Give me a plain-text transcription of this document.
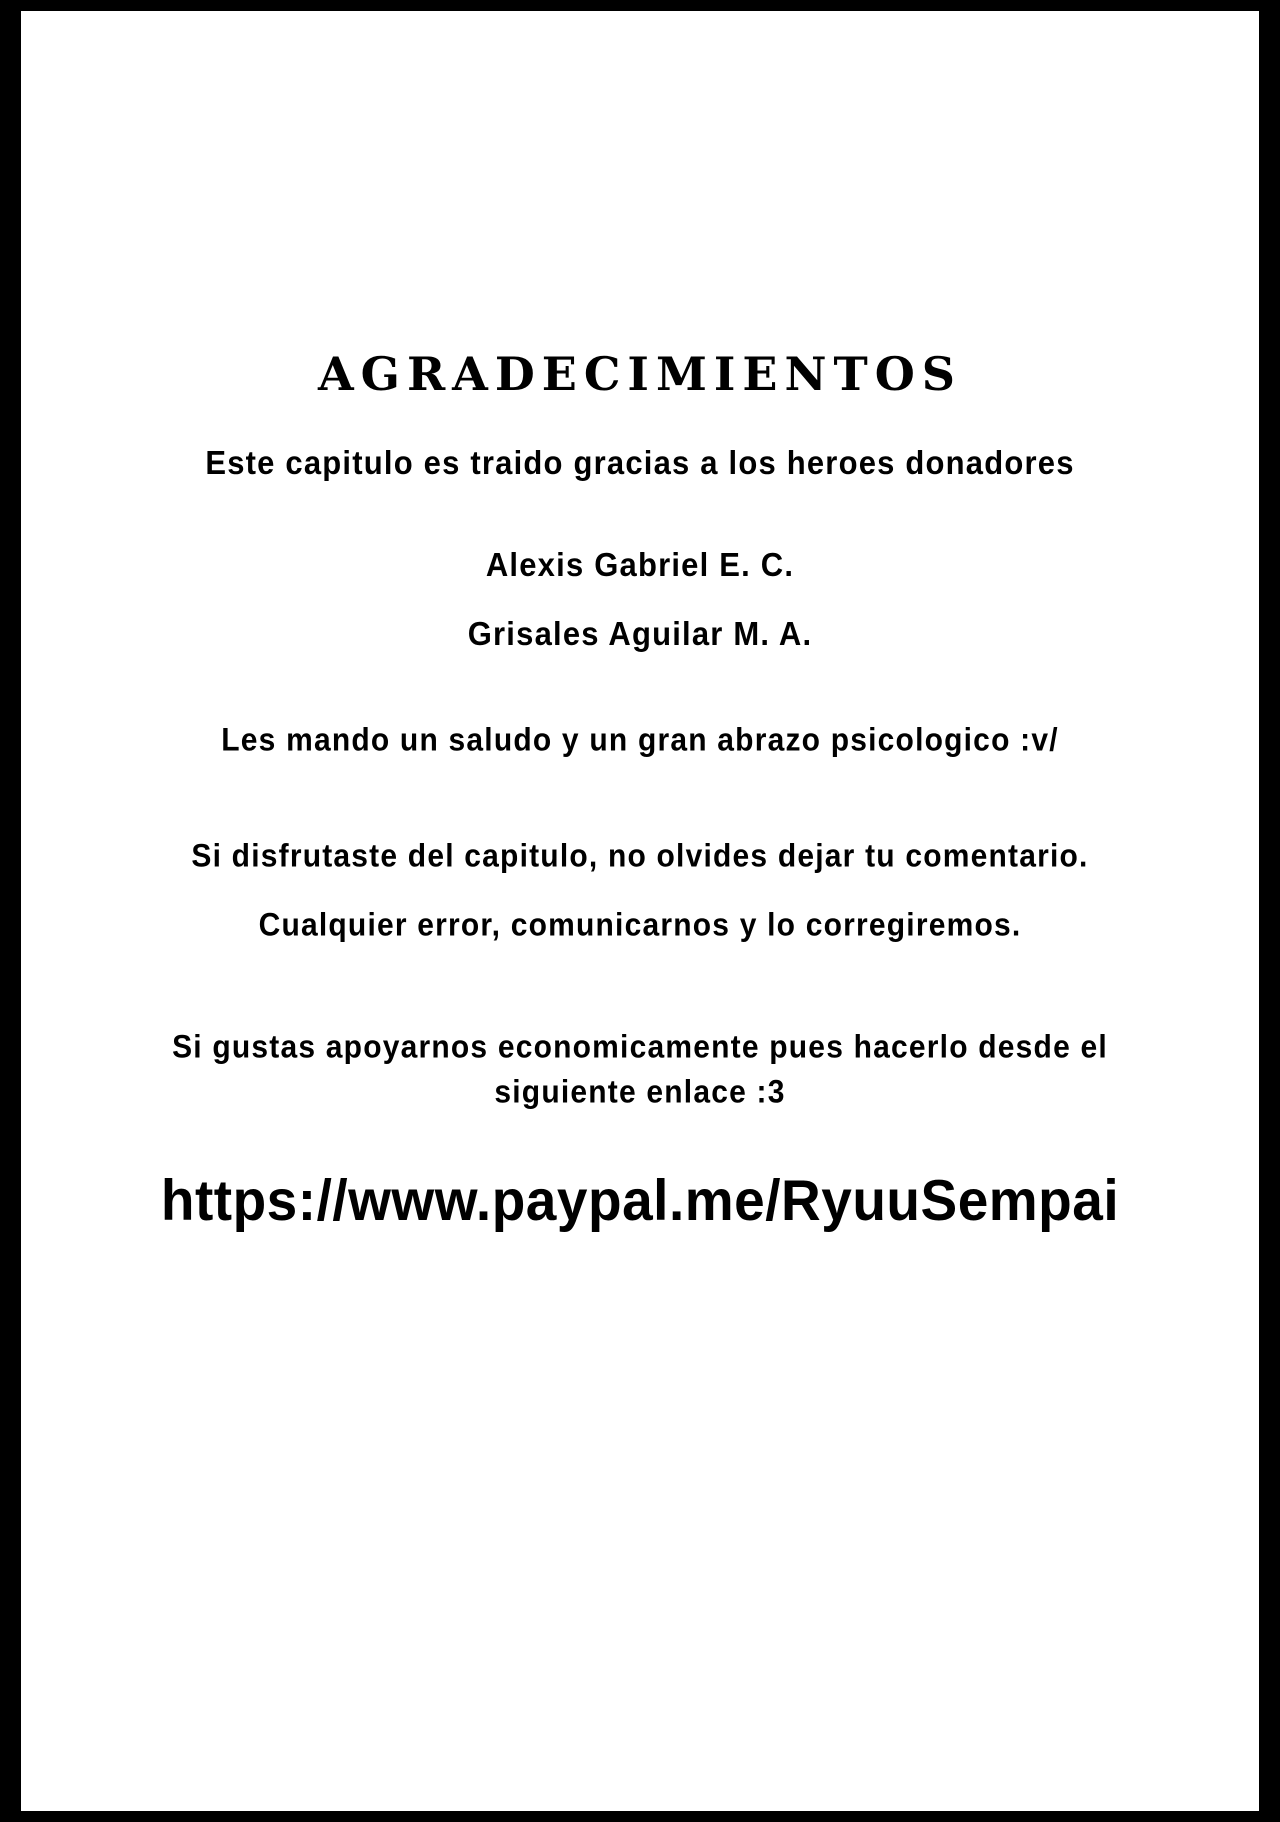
AGRADECIMIENTOS
Este capitulo es traido gracias a los heroes donadores
Alexis Gabriel E. C.
Grisales Aguilar M. A.
Les mando un saludo y un gran abrazo psicologico :v/
Si disfrutaste del capitulo, no olvides dejar tu comentario.
Cualquier error, comunicarnos y lo corregiremos.
Si gustas apoyarnos economicamente pues hacerlo desde el
siguiente enlace :3
https://www.paypal.me/RyuuSempai
